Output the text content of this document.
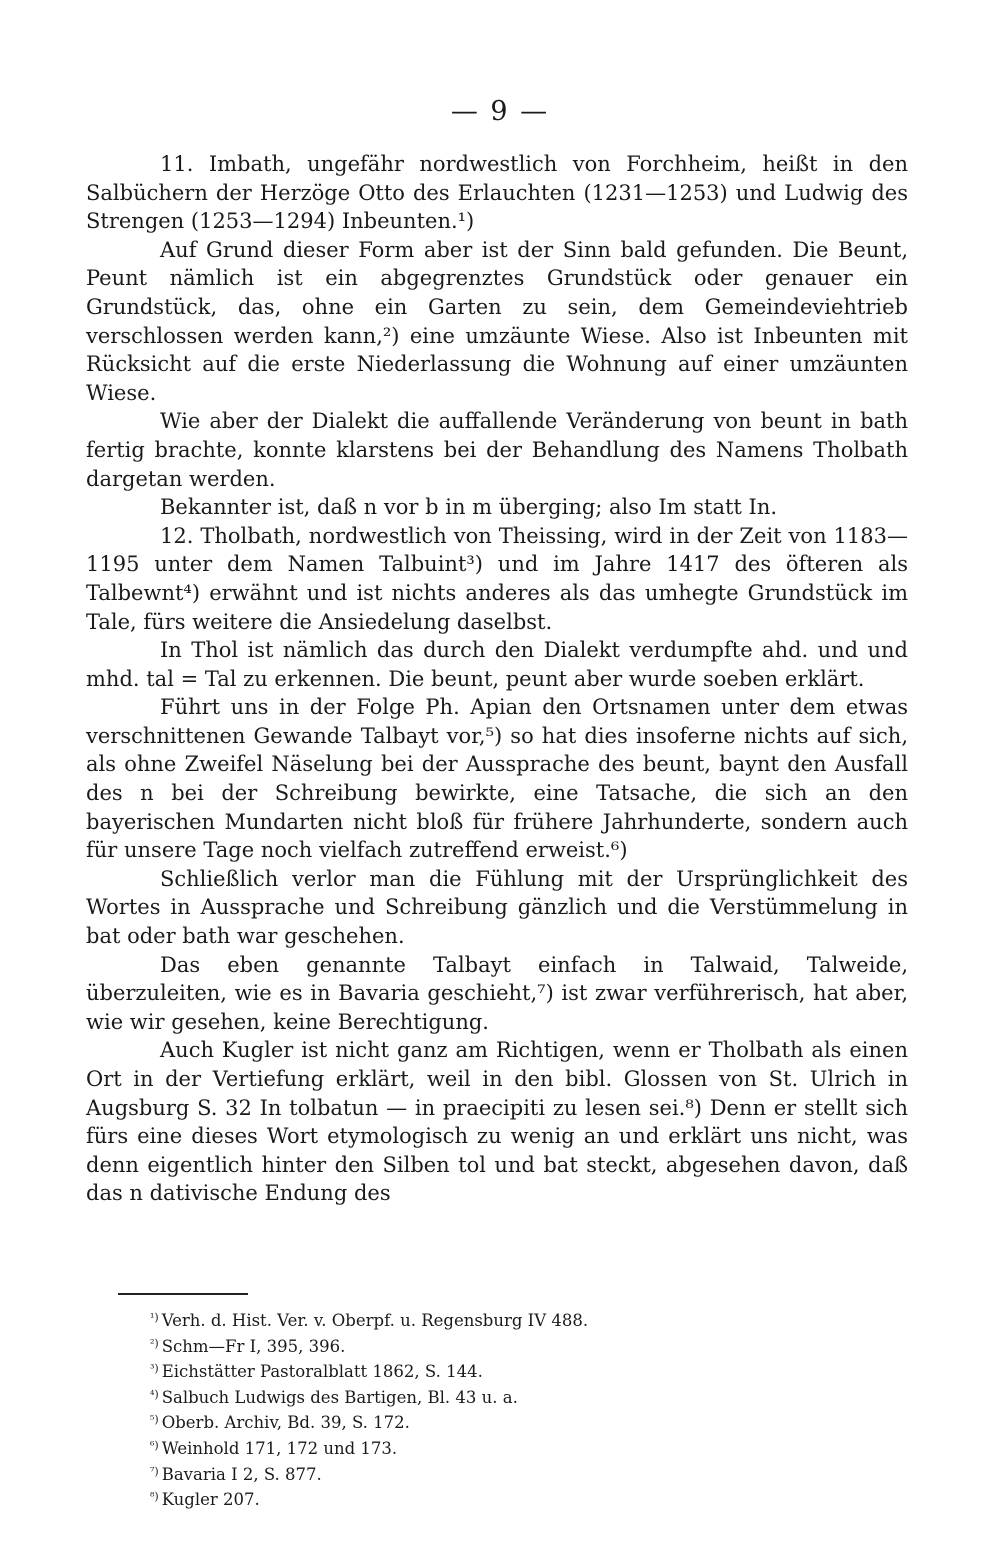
— 9 —

11. Imbath, ungefähr nordwestlich von Forchheim, heißt in den Salbüchern der Herzöge Otto des Erlauchten (1231—1253) und Ludwig des Strengen (1253—1294) Inbeunten.¹)

Auf Grund dieser Form aber ist der Sinn bald gefunden. Die Beunt, Peunt nämlich ist ein abgegrenztes Grundstück oder genauer ein Grundstück, das, ohne ein Garten zu sein, dem Gemeindeviehtrieb verschlossen werden kann,²) eine umzäunte Wiese. Also ist Inbeunten mit Rücksicht auf die erste Niederlassung die Wohnung auf einer umzäunten Wiese.

Wie aber der Dialekt die auffallende Veränderung von beunt in bath fertig brachte, konnte klarstens bei der Behandlung des Namens Tholbath dargetan werden.

Bekannter ist, daß n vor b in m überging; also Im statt In.

12. Tholbath, nordwestlich von Theissing, wird in der Zeit von 1183—1195 unter dem Namen Talbuint³) und im Jahre 1417 des öfteren als Talbewnt⁴) erwähnt und ist nichts anderes als das umhegte Grundstück im Tale, fürs weitere die Ansiedelung daselbst.

In Thol ist nämlich das durch den Dialekt verdumpfte ahd. und und mhd. tal = Tal zu erkennen. Die beunt, peunt aber wurde soeben erklärt.

Führt uns in der Folge Ph. Apian den Ortsnamen unter dem etwas verschnittenen Gewande Talbayt vor,⁵) so hat dies insoferne nichts auf sich, als ohne Zweifel Näselung bei der Aussprache des beunt, baynt den Ausfall des n bei der Schreibung bewirkte, eine Tatsache, die sich an den bayerischen Mundarten nicht bloß für frühere Jahrhunderte, sondern auch für unsere Tage noch vielfach zutreffend erweist.⁶)

Schließlich verlor man die Fühlung mit der Ursprünglichkeit des Wortes in Aussprache und Schreibung gänzlich und die Verstümmelung in bat oder bath war geschehen.

Das eben genannte Talbayt einfach in Talwaid, Talweide, überzuleiten, wie es in Bavaria geschieht,⁷) ist zwar verführerisch, hat aber, wie wir gesehen, keine Berechtigung.

Auch Kugler ist nicht ganz am Richtigen, wenn er Tholbath als einen Ort in der Vertiefung erklärt, weil in den bibl. Glossen von St. Ulrich in Augsburg S. 32 In tolbatun — in praecipiti zu lesen sei.⁸) Denn er stellt sich fürs eine dieses Wort etymologisch zu wenig an und erklärt uns nicht, was denn eigentlich hinter den Silben tol und bat steckt, abgesehen davon, daß das n dativische Endung des

$^{^1)}$ Verh. d. Hist. Ver. v. Oberpf. u. Regensburg IV 488.

$^{^2)}$ Schm—Fr I, 395, 396.

$^{^3)}$ Eichstätter Pastoralblatt 1862, S. 144.

$^{^4)}$ Salbuch Ludwigs des Bartigen, Bl. 43 u. a.

$^{^5)}$ Oberb. Archiv, Bd. 39, S. 172.

$^{^6)}$ Weinhold 171, 172 und 173.

$^{^7)}$ Bavaria I 2, S. 877.

$^{^8)}$ Kugler 207.
